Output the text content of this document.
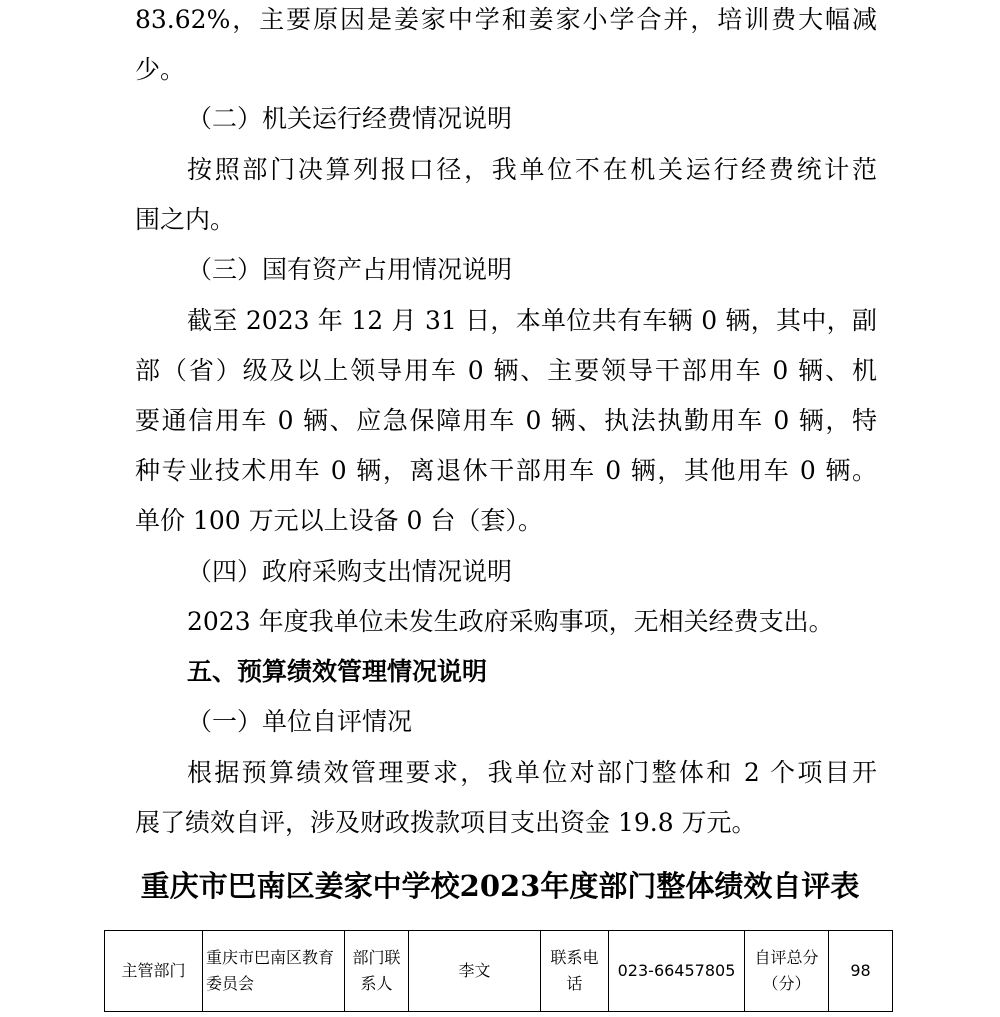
83.62%，主要原因是姜家中学和姜家小学合并，培训费大幅减

少。

（二）机关运行经费情况说明

按照部门决算列报口径，我单位不在机关运行经费统计范

围之内。

（三）国有资产占用情况说明

截至 2023 年 12 月 31 日，本单位共有车辆 0 辆，其中，副

部（省）级及以上领导用车 0 辆、主要领导干部用车 0 辆、机

要通信用车 0 辆、应急保障用车 0 辆、执法执勤用车 0 辆，特

种专业技术用车 0 辆，离退休干部用车 0 辆，其他用车 0 辆。

单价 100 万元以上设备 0 台（套）。

（四）政府采购支出情况说明

2023 年度我单位未发生政府采购事项，无相关经费支出。

五、预算绩效管理情况说明

（一）单位自评情况

根据预算绩效管理要求，我单位对部门整体和 2 个项目开

展了绩效自评，涉及财政拨款项目支出资金 19.8 万元。

重庆市巴南区姜家中学校2023年度部门整体绩效自评表
主管部门	重庆市巴南区教育委员会	部门联系人	李文	联系电话	023-66457805	自评总分（分）	98
